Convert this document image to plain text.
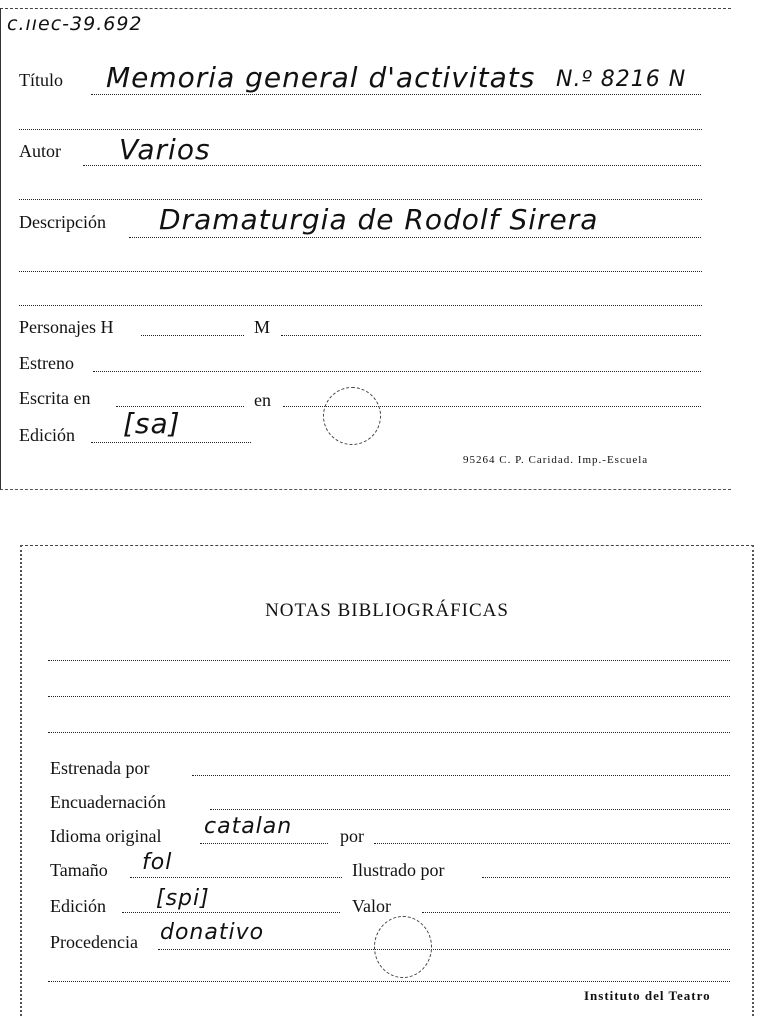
c.ııec-39.692
Título Memoria general d'activitats N.º 8216 N
Autor Varios
Descripción Dramaturgia de Rodolf Sirera
Personajes H	M
Estreno
Escrita en	en
Edición [sa]
95264 C. P. Caridad. Imp.-Escuela
NOTAS BIBLIOGRÁFICAS
Estrenada por
Encuadernación
Idioma original catalan	por
Tamaño fol	Ilustrado por
Edición [spi]	Valor
Procedencia donativo
Instituto del Teatro
